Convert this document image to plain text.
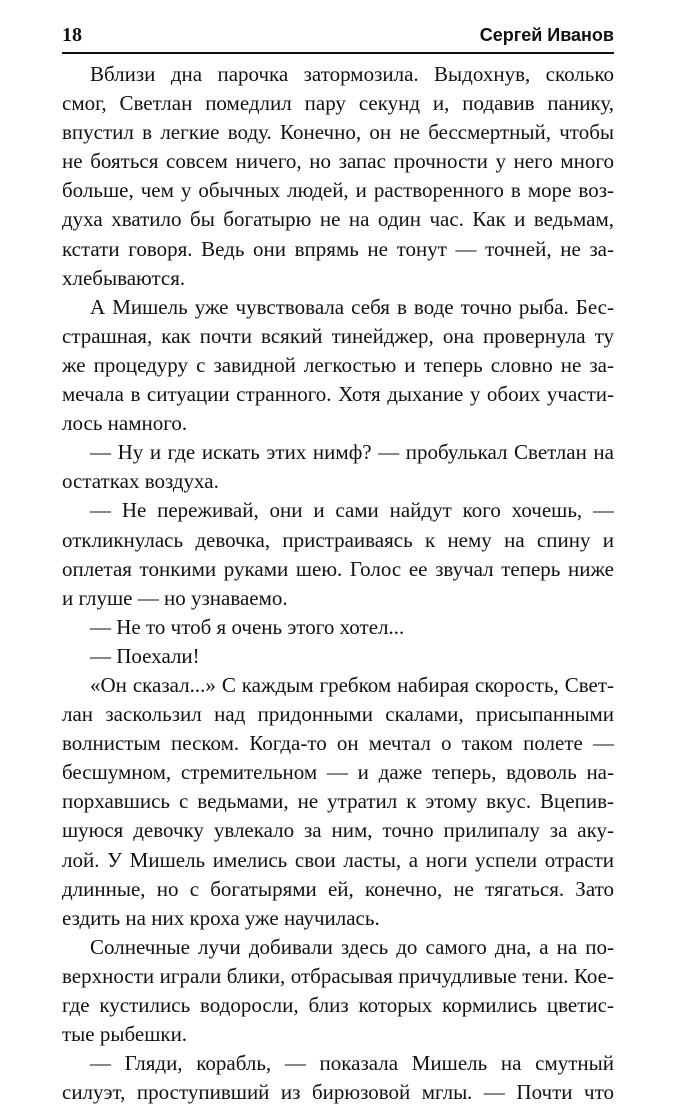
18	Сергей Иванов
Вблизи дна парочка затормозила. Выдохнув, сколько
смог, Светлан помедлил пару секунд и, подавив панику,
впустил в легкие воду. Конечно, он не бессмертный, чтобы
не бояться совсем ничего, но запас прочности у него много
больше, чем у обычных людей, и растворенного в море воз-
духа хватило бы богатырю не на один час. Как и ведьмам,
кстати говоря. Ведь они впрямь не тонут — точней, не за-
хлебываются.
А Мишель уже чувствовала себя в воде точно рыба. Бес-
страшная, как почти всякий тинейджер, она провернула ту
же процедуру с завидной легкостью и теперь словно не за-
мечала в ситуации странного. Хотя дыхание у обоих участи-
лось намного.
— Ну и где искать этих нимф? — пробулькал Светлан на
остатках воздуха.
— Не переживай, они и сами найдут кого хочешь, —
откликнулась девочка, пристраиваясь к нему на спину и
оплетая тонкими руками шею. Голос ее звучал теперь ниже
и глуше — но узнаваемо.
— Не то чтоб я очень этого хотел...
— Поехали!
«Он сказал...» С каждым гребком набирая скорость, Свет-
лан заскользил над придонными скалами, присыпанными
волнистым песком. Когда-то он мечтал о таком полете —
бесшумном, стремительном — и даже теперь, вдоволь на-
порхавшись с ведьмами, не утратил к этому вкус. Вцепив-
шуюся девочку увлекало за ним, точно прилипалу за аку-
лой. У Мишель имелись свои ласты, а ноги успели отрасти
длинные, но с богатырями ей, конечно, не тягаться. Зато
ездить на них кроха уже научилась.
Солнечные лучи добивали здесь до самого дна, а на по-
верхности играли блики, отбрасывая причудливые тени. Кое-
где кустились водоросли, близ которых кормились цветис-
тые рыбешки.
— Гляди, корабль, — показала Мишель на смутный
силуэт, проступивший из бирюзовой мглы. — Почти что
